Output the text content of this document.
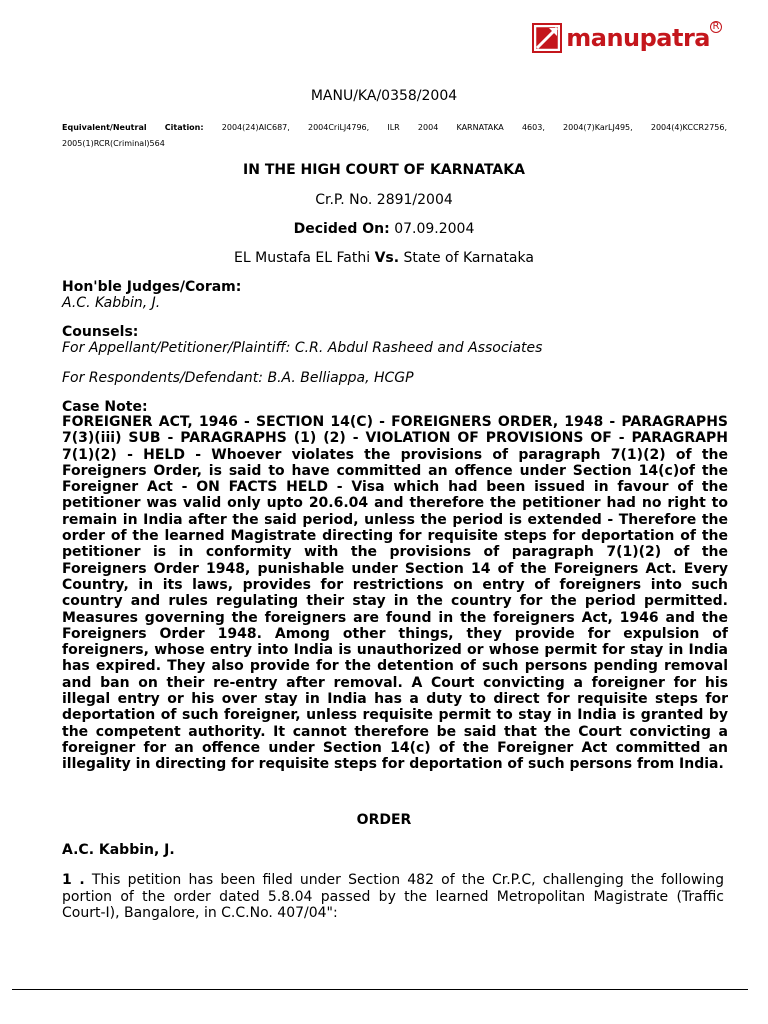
manupatra R
MANU/KA/0358/2004
Equivalent/Neutral Citation: 2004(24)AIC687, 2004CriLJ4796, ILR 2004 KARNATAKA 4603, 2004(7)KarLJ495, 2004(4)KCCR2756, 2005(1)RCR(Criminal)564
IN THE HIGH COURT OF KARNATAKA
Cr.P. No. 2891/2004
Decided On: 07.09.2004
EL Mustafa EL Fathi Vs. State of Karnataka
Hon'ble Judges/Coram:
A.C. Kabbin, J.
Counsels:
For Appellant/Petitioner/Plaintiff: C.R. Abdul Rasheed and Associates
For Respondents/Defendant: B.A. Belliappa, HCGP
Case Note:
FOREIGNER ACT, 1946 - SECTION 14(C) - FOREIGNERS ORDER, 1948 - PARAGRAPHS 7(3)(iii) SUB - PARAGRAPHS (1) (2) - VIOLATION OF PROVISIONS OF - PARAGRAPH 7(1)(2) - HELD - Whoever violates the provisions of paragraph 7(1)(2) of the Foreigners Order, is said to have committed an offence under Section 14(c)of the Foreigner Act - ON FACTS HELD - Visa which had been issued in favour of the petitioner was valid only upto 20.6.04 and therefore the petitioner had no right to remain in India after the said period, unless the period is extended - Therefore the order of the learned Magistrate directing for requisite steps for deportation of the petitioner is in conformity with the provisions of paragraph 7(1)(2) of the Foreigners Order 1948, punishable under Section 14 of the Foreigners Act. Every Country, in its laws, provides for restrictions on entry of foreigners into such country and rules regulating their stay in the country for the period permitted. Measures governing the foreigners are found in the foreigners Act, 1946 and the Foreigners Order 1948. Among other things, they provide for expulsion of foreigners, whose entry into India is unauthorized or whose permit for stay in India has expired. They also provide for the detention of such persons pending removal and ban on their re-entry after removal. A Court convicting a foreigner for his illegal entry or his over stay in India has a duty to direct for requisite steps for deportation of such foreigner, unless requisite permit to stay in India is granted by the competent authority. It cannot therefore be said that the Court convicting a foreigner for an offence under Section 14(c) of the Foreigner Act committed an illegality in directing for requisite steps for deportation of such persons from India.
ORDER
A.C. Kabbin, J.
1 . This petition has been filed under Section 482 of the Cr.P.C, challenging the following portion of the order dated 5.8.04 passed by the learned Metropolitan Magistrate (Traffic Court-I), Bangalore, in C.C.No. 407/04":
